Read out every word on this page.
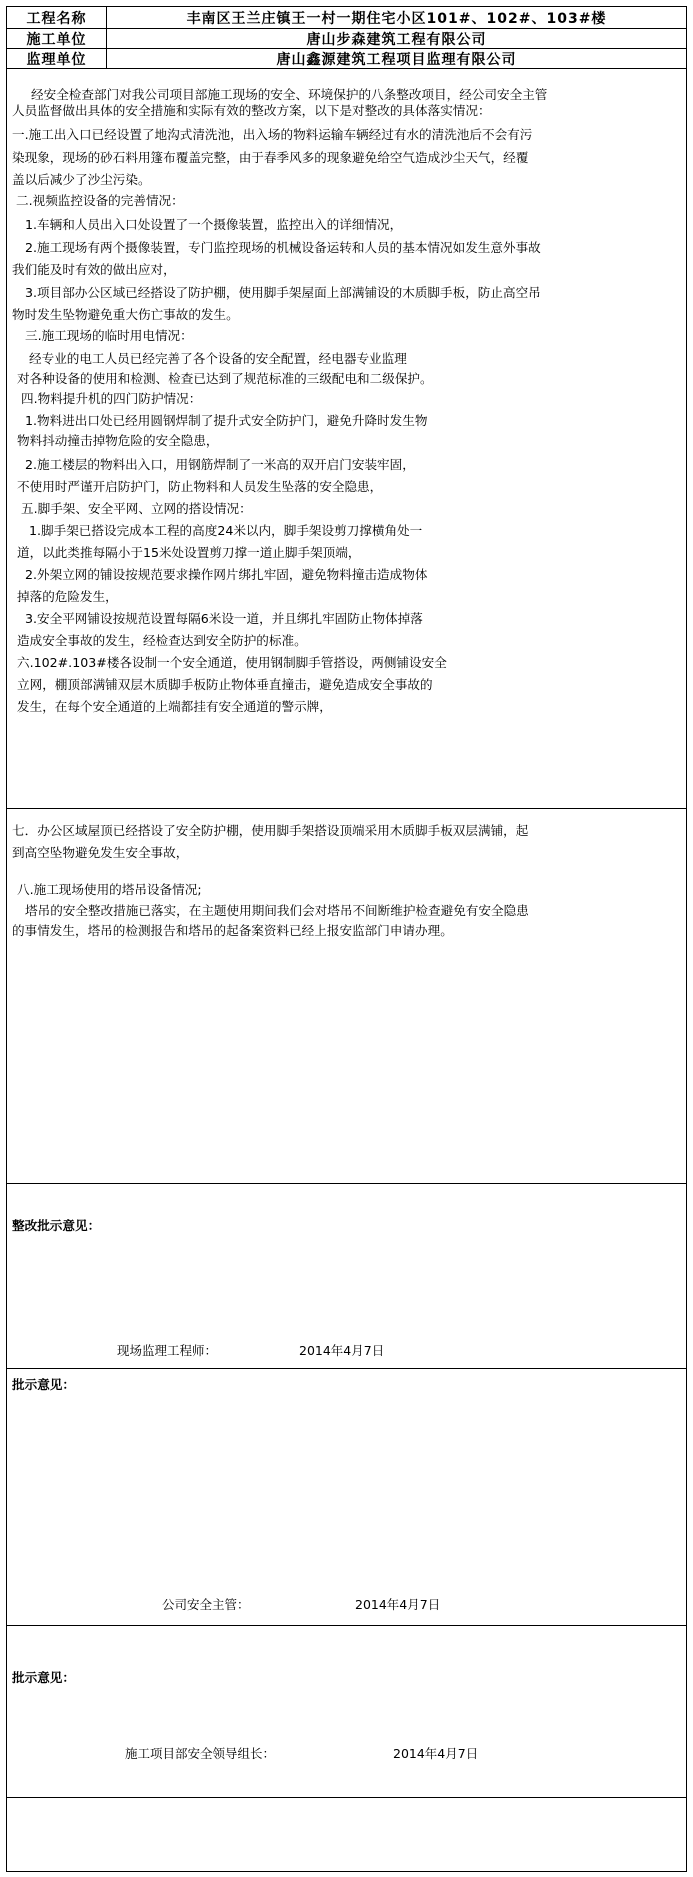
工程名称	丰南区王兰庄镇王一村一期住宅小区101#、102#、103#楼
施工单位	唐山步森建筑工程有限公司
监理单位	唐山鑫源建筑工程项目监理有限公司
经安全检查部门对我公司项目部施工现场的安全、环境保护的八条整改项目，经公司安全主管
人员监督做出具体的安全措施和实际有效的整改方案，以下是对整改的具体落实情况：
一.施工出入口已经设置了地沟式清洗池，出入场的物料运输车辆经过有水的清洗池后不会有污
染现象，现场的砂石料用篷布覆盖完整，由于春季风多的现象避免给空气造成沙尘天气，经覆
盖以后减少了沙尘污染。
二.视频监控设备的完善情况：
1.车辆和人员出入口处设置了一个摄像装置，监控出入的详细情况，
2.施工现场有两个摄像装置，专门监控现场的机械设备运转和人员的基本情况如发生意外事故
我们能及时有效的做出应对，
3.项目部办公区域已经搭设了防护棚，使用脚手架屋面上部满铺设的木质脚手板，防止高空吊
物时发生坠物避免重大伤亡事故的发生。
三.施工现场的临时用电情况：
经专业的电工人员已经完善了各个设备的安全配置，经电器专业监理
对各种设备的使用和检测、检查已达到了规范标准的三级配电和二级保护。
四.物料提升机的四门防护情况：
1.物料进出口处已经用圆钢焊制了提升式安全防护门，避免升降时发生物
物料抖动撞击掉物危险的安全隐患，
2.施工楼层的物料出入口，用钢筋焊制了一米高的双开启门安装牢固，
不使用时严谨开启防护门，防止物料和人员发生坠落的安全隐患，
五.脚手架、安全平网、立网的搭设情况：
1.脚手架已搭设完成本工程的高度24米以内，脚手架设剪刀撑横角处一
道，以此类推每隔小于15米处设置剪刀撑一道止脚手架顶端，
2.外架立网的铺设按规范要求操作网片绑扎牢固，避免物料撞击造成物体
掉落的危险发生，
3.安全平网铺设按规范设置每隔6米设一道，并且绑扎牢固防止物体掉落
造成安全事故的发生，经检查达到安全防护的标准。
六.102#.103#楼各设制一个安全通道，使用钢制脚手管搭设，两侧铺设安全
立网，棚顶部满铺双层木质脚手板防止物体垂直撞击，避免造成安全事故的
发生，在每个安全通道的上端都挂有安全通道的警示牌，
七．办公区域屋顶已经搭设了安全防护棚，使用脚手架搭设顶端采用木质脚手板双层满铺，起
到高空坠物避免发生安全事故，
八.施工现场使用的塔吊设备情况;
塔吊的安全整改措施已落实，在主题使用期间我们会对塔吊不间断维护检查避免有安全隐患
的事情发生，塔吊的检测报告和塔吊的起备案资料已经上报安监部门申请办理。
整改批示意见：
现场监理工程师：	2014年4月7日
批示意见：
公司安全主管：	2014年4月7日
批示意见：
施工项目部安全领导组长：	2014年4月7日
